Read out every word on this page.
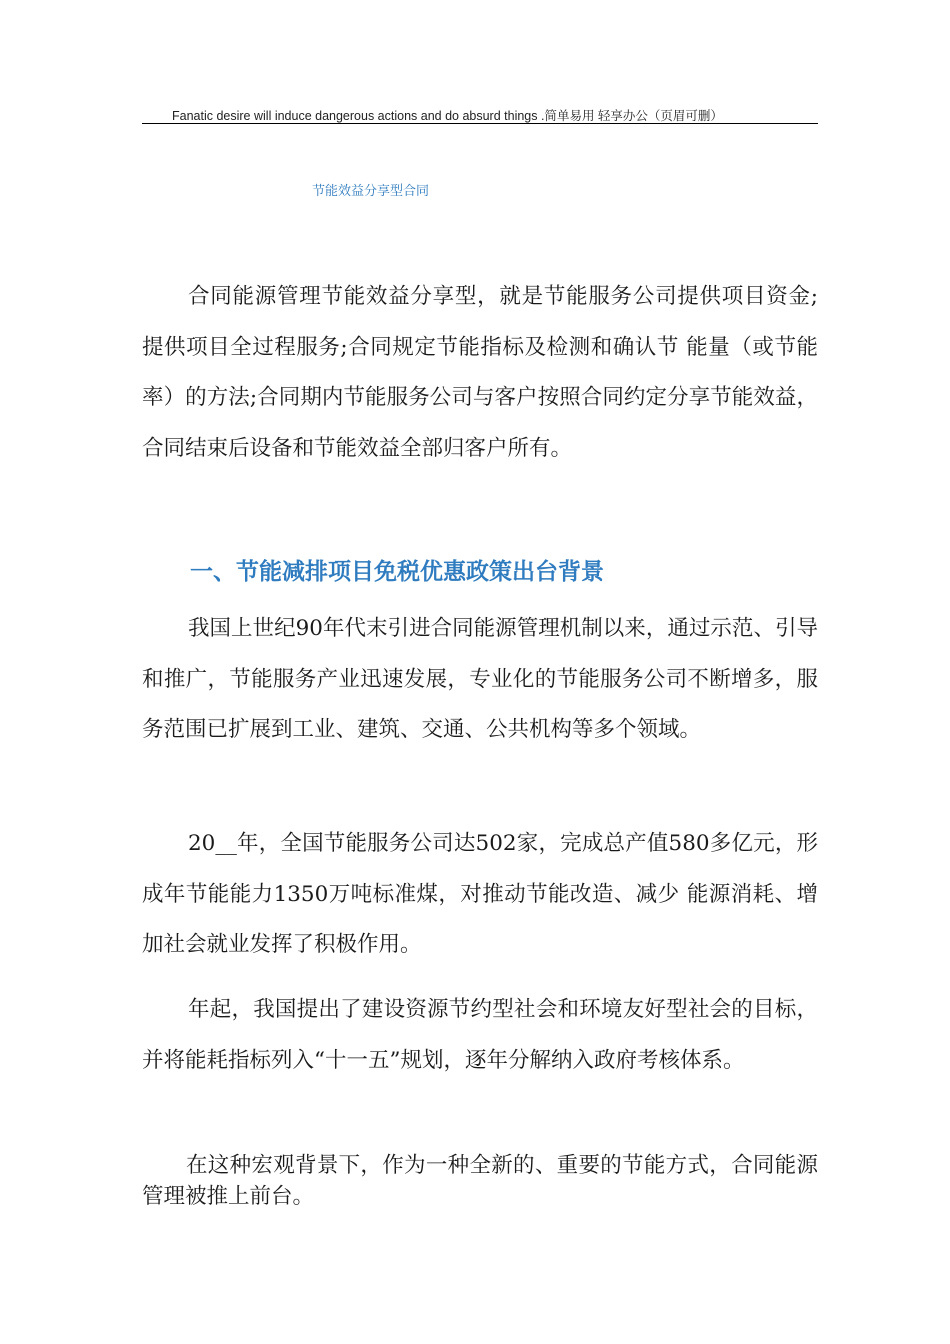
Fanatic desire will induce dangerous actions and do absurd things .简单易用 轻享办公（页眉可删）
节能效益分享型合同

合同能源管理节能效益分享型，就是节能服务公司提供项目资金;提供项目全过程服务;合同规定节能指标及检测和确认节 能量（或节能率）的方法;合同期内节能服务公司与客户按照合同约定分享节能效益，合同结束后设备和节能效益全部归客户所有。

一、节能减排项目免税优惠政策出台背景

我国上世纪90年代末引进合同能源管理机制以来，通过示范、引导和推广，节能服务产业迅速发展，专业化的节能服务公司不断增多，服务范围已扩展到工业、建筑、交通、公共机构等多个领域。

20__年，全国节能服务公司达502家，完成总产值580多亿元，形成年节能能力1350万吨标准煤，对推动节能改造、减少 能源消耗、增加社会就业发挥了积极作用。

年起，我国提出了建设资源节约型社会和环境友好型社会的目标，并将能耗指标列入“十一五”规划，逐年分解纳入政府考核体系。

在这种宏观背景下，作为一种全新的、重要的节能方式，合同能源管理被推上前台。
